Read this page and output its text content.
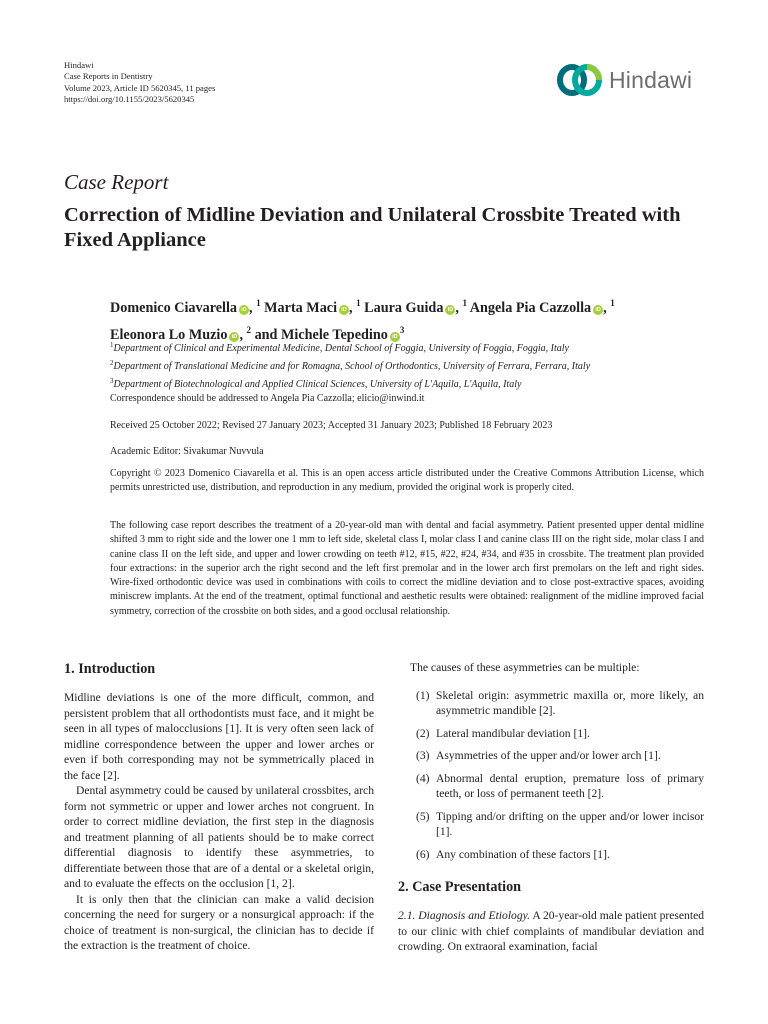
Hindawi
Case Reports in Dentistry
Volume 2023, Article ID 5620345, 11 pages
https://doi.org/10.1155/2023/5620345
Hindawi
Case Report
Correction of Midline Deviation and Unilateral Crossbite Treated with Fixed Appliance
Domenico Ciavarella iD , $^1$ Marta Maci iD , $^1$ Laura Guida iD , $^1$ Angela Pia Cazzolla iD , $^1$
Eleonora Lo Muzio iD , $^2$ and Michele Tepedino $iD^3$
$^1$Department of Clinical and Experimental Medicine, Dental School of Foggia, University of Foggia, Foggia, Italy
$^2$Department of Translational Medicine and for Romagna, School of Orthodontics, University of Ferrara, Ferrara, Italy
$^3$Department of Biotechnological and Applied Clinical Sciences, University of L'Aquila, L'Aquila, Italy
Correspondence should be addressed to Angela Pia Cazzolla; elicio@inwind.it
Received 25 October 2022; Revised 27 January 2023; Accepted 31 January 2023; Published 18 February 2023
Academic Editor: Sivakumar Nuvvula

Copyright © 2023 Domenico Ciavarella et al. This is an open access article distributed under the Creative Commons Attribution License, which permits unrestricted use, distribution, and reproduction in any medium, provided the original work is properly cited.

The following case report describes the treatment of a 20-year-old man with dental and facial asymmetry. Patient presented upper dental midline shifted 3 mm to right side and the lower one 1 mm to left side, skeletal class I, molar class I and canine class III on the right side, molar class I and canine class II on the left side, and upper and lower crowding on teeth #12, #15, #22, #24, #34, and #35 in crossbite. The treatment plan provided four extractions: in the superior arch the right second and the left first premolar and in the lower arch first premolars on the left and right sides. Wire-fixed orthodontic device was used in combinations with coils to correct the midline deviation and to close post-extractive spaces, avoiding miniscrew implants. At the end of the treatment, optimal functional and aesthetic results were obtained: realignment of the midline improved facial symmetry, correction of the crossbite on both sides, and a good occlusal relationship.

1. Introduction

Midline deviations is one of the more difficult, common, and persistent problem that all orthodontists must face, and it might be seen in all types of malocclusions [1]. It is very often seen lack of midline correspondence between the upper and lower arches or even if both corresponding may not be symmetrically placed in the face [2].

Dental asymmetry could be caused by unilateral crossbites, arch form not symmetric or upper and lower arches not congruent. In order to correct midline deviation, the first step in the diagnosis and treatment planning of all patients should be to make correct differential diagnosis to identify these asymmetries, to differentiate between those that are of a dental or a skeletal origin, and to evaluate the effects on the occlusion [1, 2].

It is only then that the clinician can make a valid decision concerning the need for surgery or a nonsurgical approach: if the choice of treatment is non-surgical, the clinician has to decide if the extraction is the treatment of choice.

The causes of these asymmetries can be multiple:

(1) Skeletal origin: asymmetric maxilla or, more likely, an asymmetric mandible [2].
(2) Lateral mandibular deviation [1].
(3) Asymmetries of the upper and/or lower arch [1].
(4) Abnormal dental eruption, premature loss of primary teeth, or loss of permanent teeth [2].
(5) Tipping and/or drifting on the upper and/or lower incisor [1].
(6) Any combination of these factors [1].
2. Case Presentation

2.1. Diagnosis and Etiology. A 20-year-old male patient presented to our clinic with chief complaints of mandibular deviation and crowding. On extraoral examination, facial
